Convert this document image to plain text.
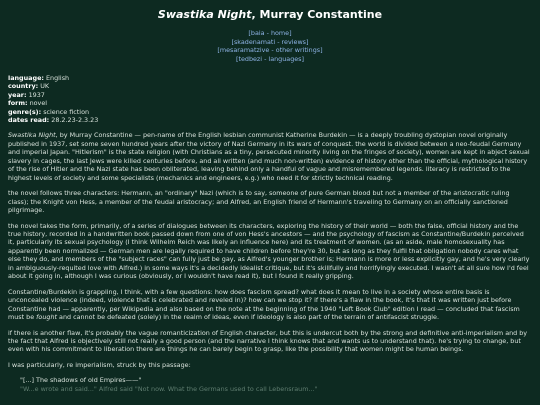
Swastika Night, Murray Constantine
[baia - home]
[skadenamati - reviews]
[mesaramatzive - other writings]
[tedbezi - languages]
language: English
country: UK
year: 1937
form: novel
genre(s): science fiction
dates read: 28.2.23-2.3.23

Swastika Night, by Murray Constantine — pen-name of the English lesbian communist Katherine Burdekin — is a deeply troubling dystopian novel originally published in 1937, set some seven hundred years after the victory of Nazi Germany in its wars of conquest. the world is divided between a neo-feudal Germany and imperial Japan. "Hitlerism" is the state religion (with Christians as a tiny, persecuted minority living on the fringes of society), women are kept in abject sexual slavery in cages, the last Jews were killed centuries before, and all written (and much non-written) evidence of history other than the official, mythological history of the rise of Hitler and the Nazi state has been obliterated, leaving behind only a handful of vague and misremembered legends. literacy is restricted to the highest levels of society and some specialists (mechanics and engineers, e.g.) who need it for strictly technical reading.

the novel follows three characters: Hermann, an "ordinary" Nazi (which is to say, someone of pure German blood but not a member of the aristocratic ruling class); the Knight von Hess, a member of the feudal aristocracy; and Alfred, an English friend of Hermann's traveling to Germany on an officially sanctioned pilgrimage.

the novel takes the form, primarily, of a series of dialogues between its characters, exploring the history of their world — both the false, official history and the true history, recorded in a handwritten book passed down from one of von Hess's ancestors — and the psychology of fascism as Constantine/Burdekin perceived it, particularly its sexual psychology (I think Wilhelm Reich was likely an influence here) and its treatment of women. (as an aside, male homosexuality has apparently been normalized — German men are legally required to have children before they're 30, but as long as they fulfil that obligation nobody cares what else they do, and members of the "subject races" can fully just be gay, as Alfred's younger brother is; Hermann is more or less explicitly gay, and he's very clearly in ambiguously-requited love with Alfred.) in some ways it's a decidedly idealist critique, but it's skillfully and horrifyingly executed. I wasn't at all sure how I'd feel about it going in, although I was curious (obviously, or I wouldn't have read it), but I found it really gripping.

Constantine/Burdekin is grappling, I think, with a few questions: how does fascism spread? what does it mean to live in a society whose entire basis is unconcealed violence (indeed, violence that is celebrated and reveled in)? how can we stop it? if there's a flaw in the book, it's that it was written just before Constantine had — apparently, per Wikipedia and also based on the note at the beginning of the 1940 "Left Book Club" edition I read — concluded that fascism must be fought and cannot be defeated (solely) in the realm of ideas, even if ideology is also part of the terrain of antifascist struggle.

if there is another flaw, it's probably the vague romanticization of English character, but this is undercut both by the strong and definitive anti-imperialism and by the fact that Alfred is objectively still not really a good person (and the narrative I think knows that and wants us to understand that). he's trying to change, but even with his commitment to liberation there are things he can barely begin to grasp, like the possibility that women might be human beings.

I was particularly, re imperialism, struck by this passage:

"[...] The shadows of old Empires——"
"W...e wrote and said..." Alfred said "Not now. What the Germans used to call Lebensraum..."
